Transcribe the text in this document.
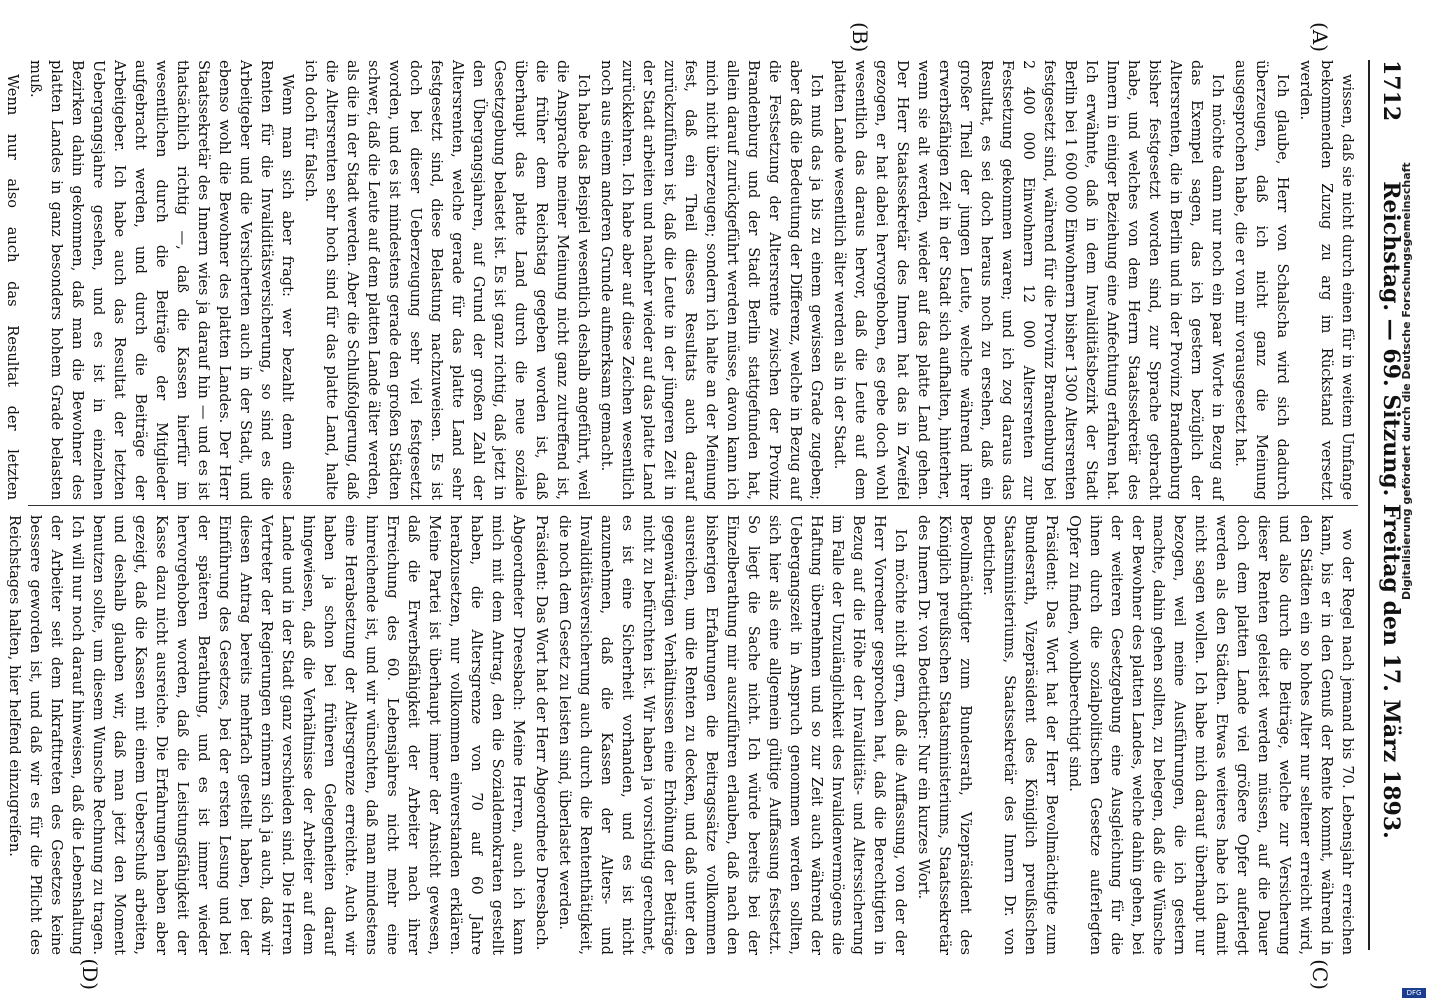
1712
Reichstag. — 69. Sitzung. Freitag den 17. März 1893.
(A)
(B)
(C)
(D)

wissen, daß sie nicht durch einen für in weitem Umfange bekommenden Zuzug zu arg im Rückstand versetzt werden.

Ich glaube, Herr von Schalscha wird sich dadurch überzeugen, daß ich nicht ganz die Meinung ausgesprochen habe, die er von mir vorausgesetzt hat.

Ich möchte dann nur noch ein paar Worte in Bezug auf das Exempel sagen, das ich gestern bezüglich der Altersrenten, die in Berlin und in der Provinz Brandenburg bisher festgesetzt worden sind, zur Sprache gebracht habe, und welches von dem Herrn Staatssekretär des Innern in einiger Beziehung eine Anfechtung erfahren hat. Ich erwähnte, daß in dem Invaliditätsbezirk der Stadt Berlin bei 1 600 000 Einwohnern bisher 1300 Altersrenten festgesetzt sind, während für die Provinz Brandenburg bei 2 400 000 Einwohnern 12 000 Altersrenten zur Festsetzung gekommen waren; und ich zog daraus das Resultat, es sei doch heraus noch zu ersehen, daß ein großer Theil der jungen Leute, welche während ihrer erwerbsfähigen Zeit in der Stadt sich aufhalten, hinterher, wenn sie alt werden, wieder auf das platte Land gehen. Der Herr Staatssekretär des Innern hat das in Zweifel gezogen, er hat dabei hervorgehoben, es gebe doch wohl wesentlich das daraus hervor, daß die Leute auf dem platten Lande wesentlich älter werden als in der Stadt.

Ich muß das ja bis zu einem gewissen Grade zugeben; aber daß die Bedeutung der Differenz, welche in Bezug auf die Festsetzung der Altersrente zwischen der Provinz Brandenburg und der Stadt Berlin stattgefunden hat, allein darauf zurückgeführt werden müsse, davon kann ich mich nicht überzeugen; sondern ich halte an der Meinung fest, daß ein Theil dieses Resultats auch darauf zurückzuführen ist, daß die Leute in der jüngeren Zeit in der Stadt arbeiten und nachher wieder auf das platte Land zurückkehren. Ich habe aber auf diese Zeichen wesentlich noch aus einem anderen Grunde aufmerksam gemacht.

Ich habe das Beispiel wesentlich deshalb angeführt, weil die Ansprache meiner Meinung nicht ganz zutreffend ist, die früher dem Reichstag gegeben worden ist, daß überhaupt das platte Land durch die neue soziale Gesetzgebung belastet ist. Es ist ganz richtig, daß jetzt in den Übergangsjahren, auf Grund der großen Zahl der Altersrenten, welche gerade für das platte Land sehr festgesetzt sind, diese Belastung nachzuweisen. Es ist doch bei dieser Ueberzeugung sehr viel festgesetzt worden, und es ist mindestens gerade den großen Städten schwer, daß die Leute auf dem platten Lande älter werden, als die in der Stadt werden. Aber die Schlußfolgerung, daß die Altersrenten sehr hoch sind für das platte Land, halte ich doch für falsch.

Wenn man sich aber fragt: wer bezahlt denn diese Renten für die Invaliditätsversicherung, so sind es die Arbeitgeber und die Versicherten auch in der Stadt, und ebenso wohl die Bewohner des platten Landes. Der Herr Staatssekretär des Innern wies ja darauf hin — und es ist thatsächlich richtig —, daß die Kassen hierfür im wesentlichen durch die Beiträge der Mitglieder aufgebracht werden, und durch die Beiträge der Arbeitgeber. Ich habe auch das Resultat der letzten Uebergangsjahre gesehen, und es ist in einzelnen Bezirken dahin gekommen, daß man die Bewohner des platten Landes in ganz besonders hohem Grade belasten muß.

Wenn nur also auch das Resultat der letzten

wo der Regel nach jemand bis 70. Lebensjahr erreichen kann, bis er in den Genuß der Rente kommt, während in den Städten ein so hohes Alter nur seltener erreicht wird, und also durch die Beiträge, welche zur Versicherung dieser Renten geleistet werden müssen, auf die Dauer doch dem platten Lande viel größere Opfer auferlegt werden als den Städten. Etwas weiteres habe ich damit nicht sagen wollen. Ich habe mich darauf überhaupt nur bezogen, weil meine Ausführungen, die ich gestern machte, dahin gehen sollten, zu belegen, daß die Wünsche der Bewohner des platten Landes, welche dahin gehen, bei der weiteren Gesetzgebung eine Ausgleichung für die ihnen durch die sozialpolitischen Gesetze auferlegten Opfer zu finden, wohlberechtigt sind.

Präsident: Das Wort hat der Herr Bevollmächtigte zum Bundesrath, Vizepräsident des Königlich preußischen Staatsministeriums, Staatssekretär des Innern Dr. von Boetticher.

Bevollmächtigter zum Bundesrath, Vizepräsident des Königlich preußischen Staatsministeriums, Staatssekretär des Innern Dr. von Boetticher: Nur ein kurzes Wort.

Ich möchte nicht gern, daß die Auffassung, von der der Herr Vorredner gesprochen hat, daß die Berechtigten in Bezug auf die Höhe der Invaliditäts- und Alterssicherung im Falle der Unzulänglichkeit des Invalidenvermögens die Haftung übernehmen und so zur Zeit auch während der Uebergangszeit in Anspruch genommen werden sollten, sich hier als eine allgemein gültige Auffassung festsetzt. So liegt die Sache nicht. Ich würde bereits bei der Einzelberathung mir auszuführen erlauben, daß nach den bisherigen Erfahrungen die Beitragssätze vollkommen ausreichen, um die Renten zu decken, und daß unter den gegenwärtigen Verhältnissen eine Erhöhung der Beiträge nicht zu befürchten ist. Wir haben ja vorsichtig gerechnet, es ist eine Sicherheit vorhanden, und es ist nicht anzunehmen, daß die Kassen der Alters- und Invaliditätsversicherung auch durch die Rententhätigkeit, die noch dem Gesetz zu leisten sind, überlastet werden.

Präsident: Das Wort hat der Herr Abgeordnete Dreesbach.

Abgeordneter Dreesbach: Meine Herren, auch ich kann mich mit dem Antrag, den die Sozialdemokraten gestellt haben, die Altersgrenze von 70 auf 60 Jahre herabzusetzen, nur vollkommen einverstanden erklären. Meine Partei ist überhaupt immer der Ansicht gewesen, daß die Erwerbsfähigkeit der Arbeiter nach ihrer Erreichung des 60. Lebensjahres nicht mehr eine hinreichende ist, und wir wünschten, daß man mindestens eine Herabsetzung der Altersgrenze erreichte. Auch wir haben ja schon bei früheren Gelegenheiten darauf hingewiesen, daß die Verhältnisse der Arbeiter auf dem Lande und in der Stadt ganz verschieden sind. Die Herren Vertreter der Regierungen erinnern sich ja auch, daß wir diesen Antrag bereits mehrfach gestellt haben, bei der Einführung des Gesetzes, bei der ersten Lesung und bei der späteren Berathung, und es ist immer wieder hervorgehoben worden, daß die Leistungsfähigkeit der Kasse dazu nicht ausreiche. Die Erfahrungen haben aber gezeigt, daß die Kassen mit einem Ueberschuß arbeiten, und deshalb glauben wir, daß man jetzt den Moment benutzen sollte, um diesem Wunsche Rechnung zu tragen. Ich will nur noch darauf hinweisen, daß die Lebenshaltung der Arbeiter seit dem Inkrafttreten des Gesetzes keine bessere geworden ist, und daß wir es für die Pflicht des Reichstages halten, hier helfend einzugreifen.

Digitalisierung gefördert durch die Deutsche Forschungsgemeinschaft
DFG
